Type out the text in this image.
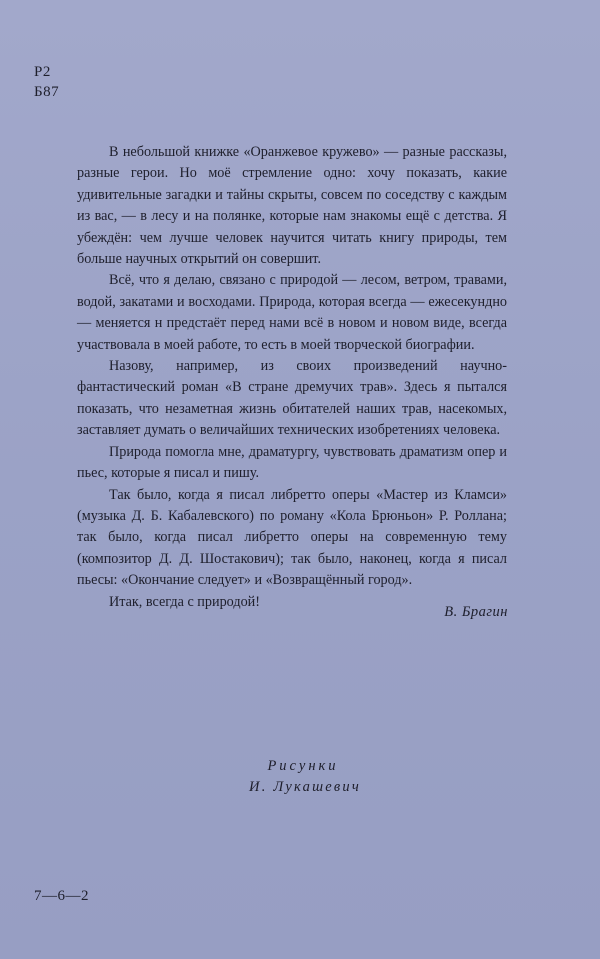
Р2
Б87

В небольшой книжке «Оранжевое кружево» — разные рассказы, разные герои. Но моё стремление одно: хочу показать, какие удивительные загадки и тайны скрыты, совсем по соседству с каждым из вас, — в лесу и на полянке, которые нам знакомы ещё с детства. Я убеждён: чем лучше человек научится читать книгу природы, тем больше научных открытий он совершит.

Всё, что я делаю, связано с природой — лесом, ветром, травами, водой, закатами и восходами. Природа, которая всегда — ежесекундно — меняется н предстаёт перед нами всё в новом и новом виде, всегда участвовала в моей работе, то есть в моей творческой биографии.

Назову, например, из своих произведений научно-фантастический роман «В стране дремучих трав». Здесь я пытался показать, что незаметная жизнь обитателей наших трав, насекомых, заставляет думать о величайших технических изобретениях человека.

Природа помогла мне, драматургу, чувствовать драматизм опер и пьес, которые я писал и пишу.

Так было, когда я писал либретто оперы «Мастер из Кламси» (музыка Д. Б. Кабалевского) по роману «Кола Брюньон» Р. Роллана; так было, когда писал либретто оперы на современную тему (композитор Д. Д. Шостакович); так было, наконец, когда я писал пьесы: «Окончание следует» и «Возвращённый город».

Итак, всегда с природой!

В. Брагин
Рисунки
И. Лукашевич
7—6—2
